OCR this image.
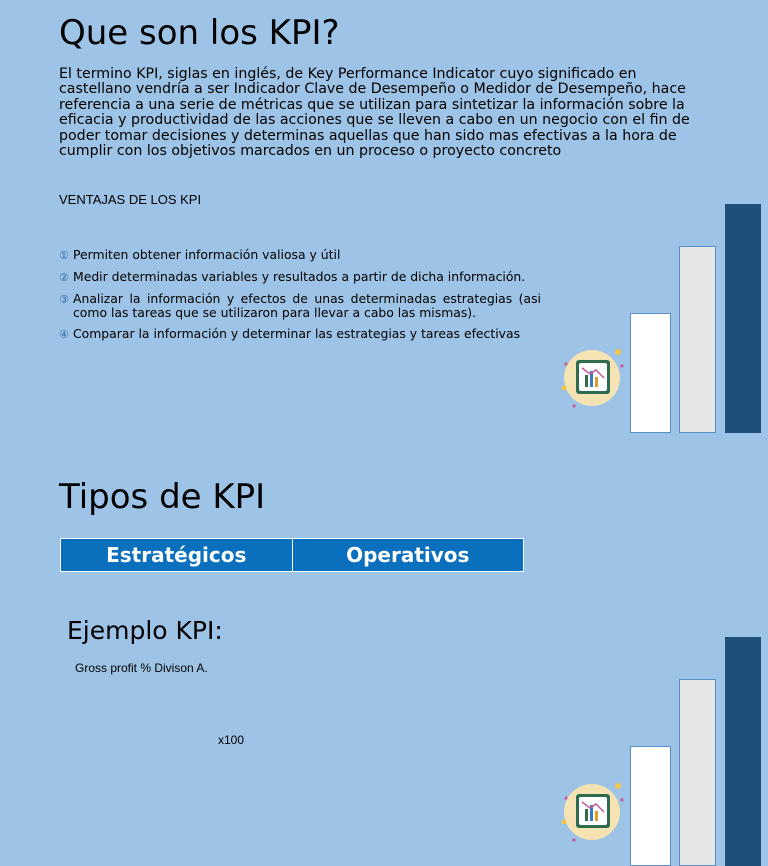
Que son los KPI?

El termino KPI, siglas en inglés, de Key Performance Indicator cuyo significado en castellano vendría a ser Indicador Clave de Desempeño o Medidor de Desempeño, hace referencia a una serie de métricas que se utilizan para sintetizar la información sobre la eficacia y productividad de las acciones que se lleven a cabo en un negocio con el fin de poder tomar decisiones y determinas aquellas que han sido mas efectivas a la hora de cumplir con los objetivos marcados en un proceso o proyecto concreto

VENTAJAS DE LOS KPI
① Permiten obtener información valiosa y útil
② Medir determinadas variables y resultados a partir de dicha información.
③ Analizar la información y efectos de unas determinadas estrategias (asi como las tareas que se utilizaron para llevar a cabo las mismas).
④ Comparar la información y determinar las estrategias y tareas efectivas
Tipos de KPI
Estratégicos	Operativos
Ejemplo KPI:
Gross profit % Divison A.
x100
